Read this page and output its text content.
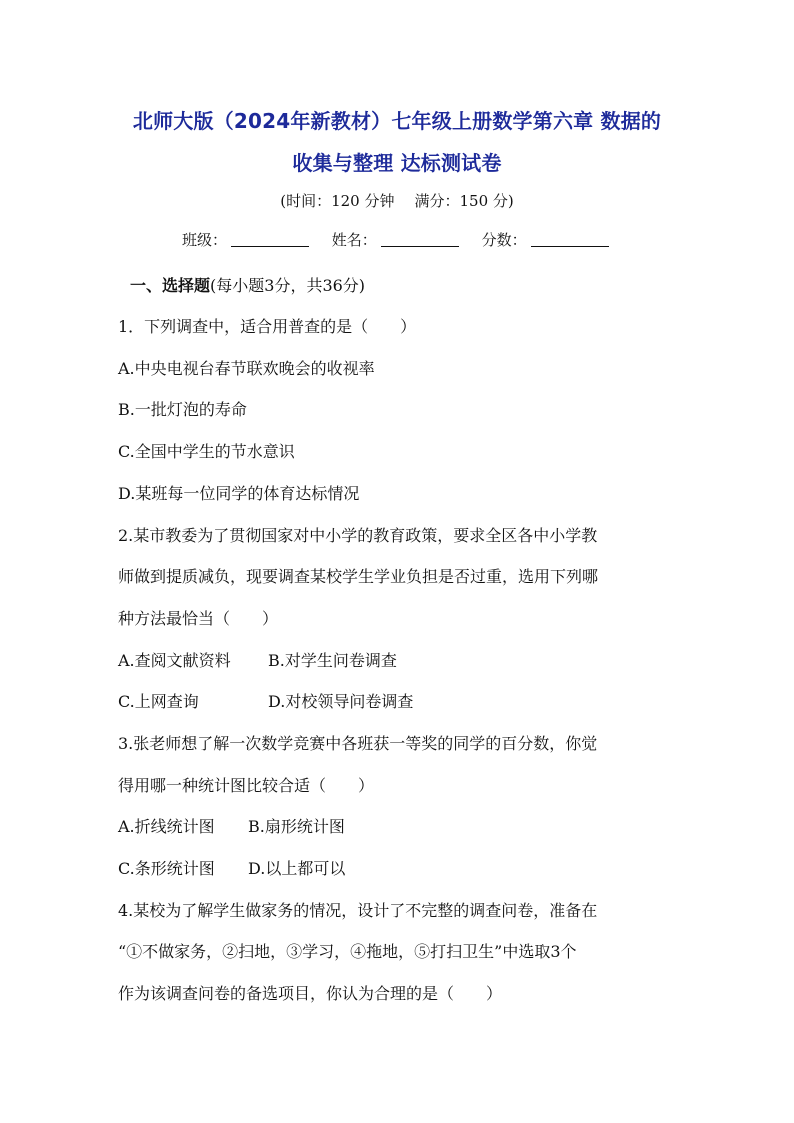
北师大版（2024年新教材）七年级上册数学第六章 数据的
收集与整理 达标测试卷
(时间：120 分钟 满分：150 分)
班级：	姓名：	分数：
一、选择题(每小题3分，共36分)
1．下列调查中，适合用普查的是（　　）
A.中央电视台春节联欢晚会的收视率
B.一批灯泡的寿命
C.全国中学生的节水意识
D.某班每一位同学的体育达标情况
2.某市教委为了贯彻国家对中小学的教育政策，要求全区各中小学教
师做到提质减负，现要调查某校学生学业负担是否过重，选用下列哪
种方法最恰当（　　）
A.查阅文献资料 B.对学生问卷调查
C.上网查询	D.对校领导问卷调查
3.张老师想了解一次数学竞赛中各班获一等奖的同学的百分数，你觉
得用哪一种统计图比较合适（　　）
A.折线统计图 B.扇形统计图
C.条形统计图 D.以上都可以
4.某校为了解学生做家务的情况，设计了不完整的调查问卷，准备在
“①不做家务，②扫地，③学习，④拖地，⑤打扫卫生”中选取3个
作为该调查问卷的备选项目，你认为合理的是（　　）
